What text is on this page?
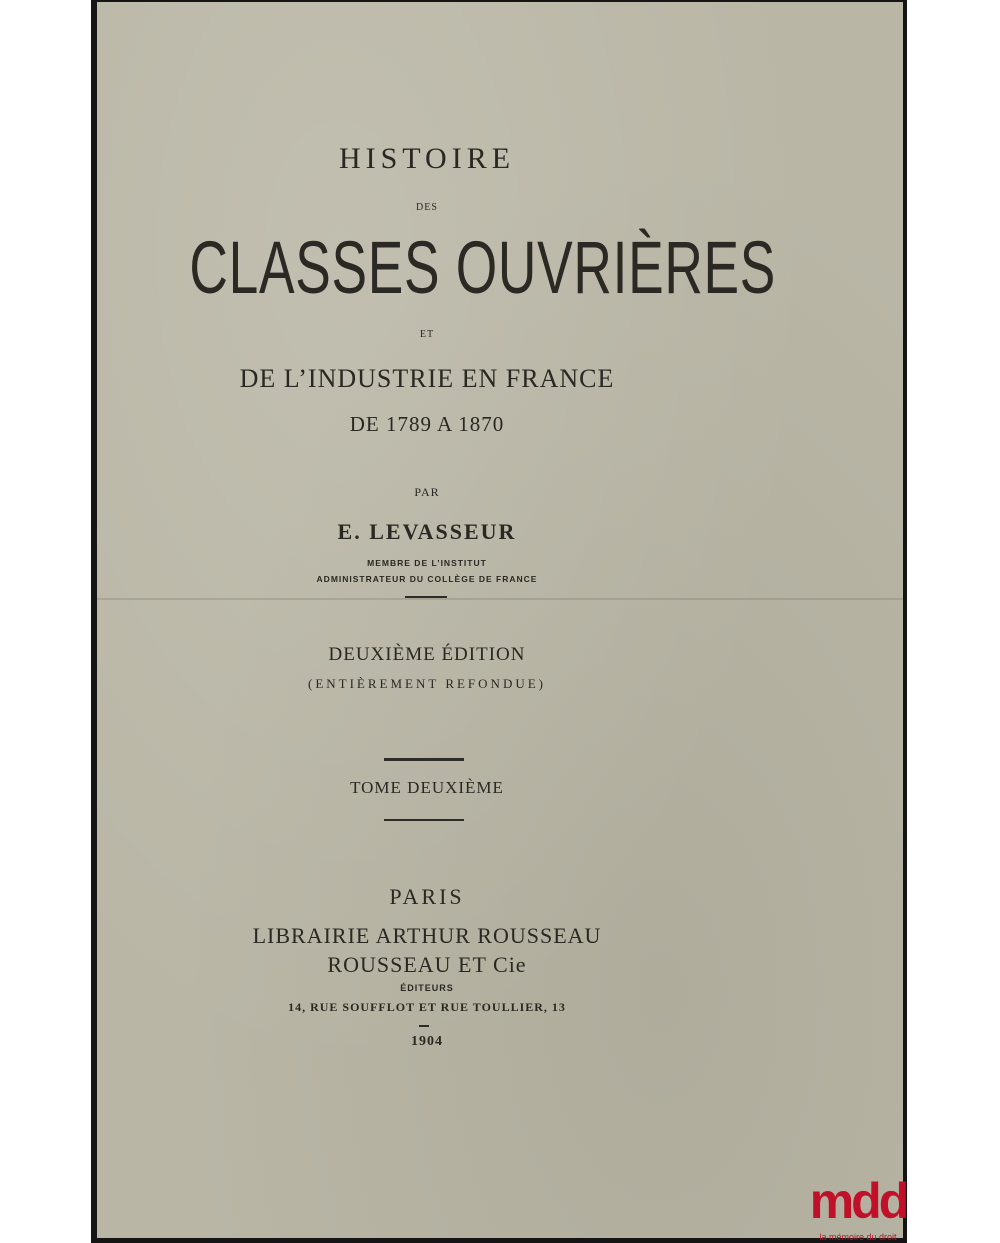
HISTOIRE
DES
CLASSES OUVRIÈRES
ET
DE L’INDUSTRIE EN FRANCE
DE 1789 A 1870
PAR
E. LEVASSEUR
MEMBRE DE L’INSTITUT
ADMINISTRATEUR DU COLLÈGE DE FRANCE
DEUXIÈME ÉDITION
(ENTIÈREMENT REFONDUE)
TOME DEUXIÈME
PARIS
LIBRAIRIE ARTHUR ROUSSEAU
ROUSSEAU ET Cie
ÉDITEURS
14, RUE SOUFFLOT ET RUE TOULLIER, 13
1904
mdd
la mémoire du droit
